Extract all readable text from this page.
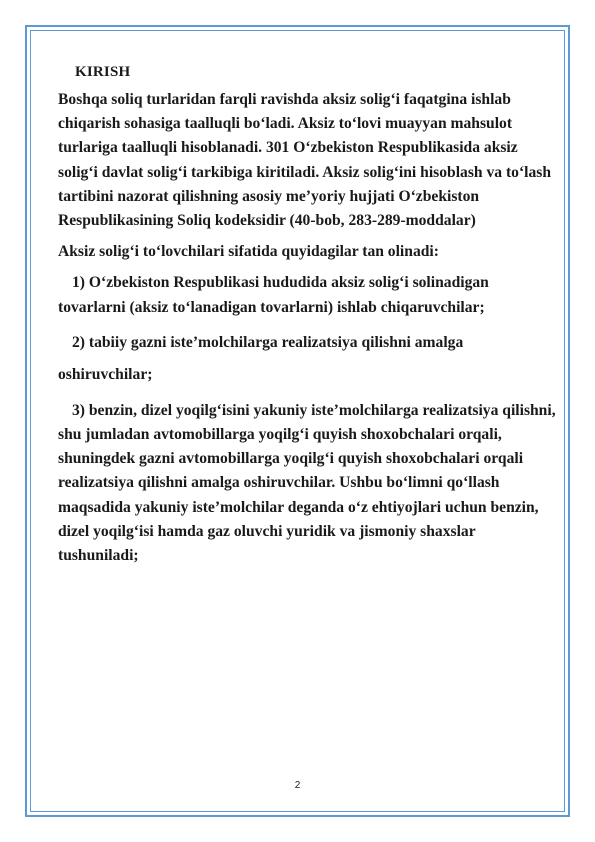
KIRISH

Boshqa soliq turlaridan farqli ravishda aksiz solig‘i faqatgina ishlab chiqarish sohasiga taalluqli bo‘ladi. Aksiz to‘lovi muayyan mahsulot turlariga taalluqli hisoblanadi. 301 O‘zbekiston Respublikasida aksiz solig‘i davlat solig‘i tarkibiga kiritiladi. Aksiz solig‘ini hisoblash va to‘lash tartibini nazorat qilishning asosiy me’yoriy hujjati O‘zbekiston Respublikasining Soliq kodeksidir (40-bob, 283-289-moddalar)

Aksiz solig‘i to‘lovchilari sifatida quyidagilar tan olinadi:

1) O‘zbekiston Respublikasi hududida aksiz solig‘i solinadigan tovarlarni (aksiz to‘lanadigan tovarlarni) ishlab chiqaruvchilar;

2) tabiiy gazni iste’molchilarga realizatsiya qilishni amalga oshiruvchilar;

3) benzin, dizel yoqilg‘isini yakuniy iste’molchilarga realizatsiya qilishni, shu jumladan avtomobillarga yoqilg‘i quyish shoxobchalari orqali, shuningdek gazni avtomobillarga yoqilg‘i quyish shoxobchalari orqali realizatsiya qilishni amalga oshiruvchilar. Ushbu bo‘limni qo‘llash maqsadida yakuniy iste’molchilar deganda o‘z ehtiyojlari uchun benzin, dizel yoqilg‘isi hamda gaz oluvchi yuridik va jismoniy shaxslar tushuniladi;

2
